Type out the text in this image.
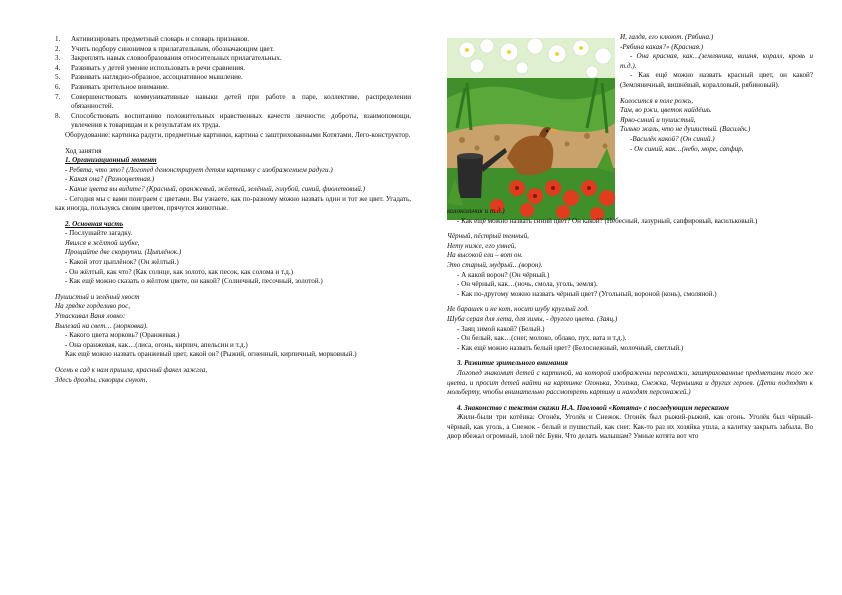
1.	Активизировать предметный словарь и словарь признаков.
2.	Учить подбору синонимов к прилагательным, обозначающим цвет.
3.	Закреплять навык словообразования относительных прилагательных.
4.	Развивать у детей умение использовать в речи сравнения.
5.	Развивать наглядно-образное, ассоциативное мышление.
6.	Развивать зрительное внимание.
7.	Совершенствовать коммуникативные навыки детей при работе в паре, коллективе, распределении обязанностей.
8.	Способствовать воспитанию положительных нравственных качеств личности: доброты, взаимопомощи, увлечения к товарищам и к результатам их труда.

Оборудование: картинка радуги, предметные картинки, картина с заштрихованными Котятами, Лего-конструктор.

Ход занятия

1. Организационный момент

- Ребята, что это? (Логопед демонстрирует детям картинку с изображением радуги.)

- Какая она? (Разноцветная.)

- Какие цвета вы видите? (Красный, оранжевый, жёлтый, зелёный, голубой, синий, фиолетовый.)

- Сегодня мы с вами поиграем с цветами. Вы узнаете, как по-разному можно назвать один и тот же цвет. Угадать, как иногда, пользуясь своим цветом, прячутся животные.

2. Основная часть

- Послушайте загадку.

Явился в жёлтой шубке,

Прощайте две скорлупки. (Цыплёнок.)

- Какой этот цыплёнок? (Он жёлтый.)

- Он жёлтый, как что? (Как солнце, как золото, как песок, как солома и т.д.)

- Как ещё можно сказать о жёлтом цвете, он какой? (Солнечный, песочный, золотой.)

Пушистый и зелёный хвост

На грядке горделиво рос,

Утаскивал Ваня ловко:

Вылезай на свет… (морковка).

- Какого цвета морковь? (Оранжевая.)

- Она оранжевая, как…(лиса, огонь, кирпич, апельсин и т.д.)

Как ещё можно назвать оранжевый цвет, какой он? (Рыжий, огненный, кирпичный, морковный.)

Осень в сад к нам пришла, красный факел зажгла,

Здесь дрозды, скворцы снуют,

И, галдя, его клюют. (Рябина.)

-Рябина какая?» (Красная.)

- Она красная, как…(земляника, вишня, коралл, кровь и т.д.).

- Как ещё можно назвать красный цвет, он какой? (Земляничный, вишнёвый, коралловый, рябиновый).

Колосится в поле рожь,

Там, во ржи, цветок найдёшь.

Ярко-синий и пушистый,

Только жаль, что не душистый. (Василёк.)

-Василёк какой? (Он синий.)

- Он синий, как…(небо, море, сапфир,

колокольчик и т.д.)

- Как ещё можно назвать синий цвет? Он какой? (Небесный, лазурный, сапфировый, васильковый.)

Чёрный, пёстрый темный,

Нету ниже, его умней,

На высокой ели – вот он.

Это старый, мудрый…(ворон).

- А какой ворон? (Он чёрный.)

- Он чёрный, как…(ночь, смола, уголь, земля).

- Как по-другому можно назвать чёрный цвет? (Угольный, вороной (конь), смоляной.)

Не барашек и не кот, носит шубу круглый год.

Шуба серая для лета, для зимы, - другого цвета. (Заяц.)

- Заяц зимой какой? (Белый.)

- Он белый, как…(снег, молоко, облако, пух, вата и т.д.).

- Как ещё можно назвать белый цвет? (Белоснежный, молочный, светлый.)

3. Развитие зрительного внимания

Логопед знакомит детей с картиной, на которой изображены персонажи, заштрихованные предметами того же цвета, и просит детей найти на картинке Огонька, Уголька, Снежка, Чернышка и других героев. (Дети подходят к мольберту, чтобы внимательно рассмотреть картину и находят персонажей.)

4. Знакомство с текстом сказки Н.А. Павловой «Котята» с последующим пересказом

Жили-были три котёнка: Огонёк, Уголёк и Снежок. Огонёк был рыжий-рыжий, как огонь. Уголёк был чёрный-чёрный, как уголь, а Снежок - белый и пушистый, как снег. Как-то раз их хозяйка ушла, а калитку закрыть забыла. Во двор вбежал огромный, злой пёс Буян. Что делать малышам? Умные котята вот что
